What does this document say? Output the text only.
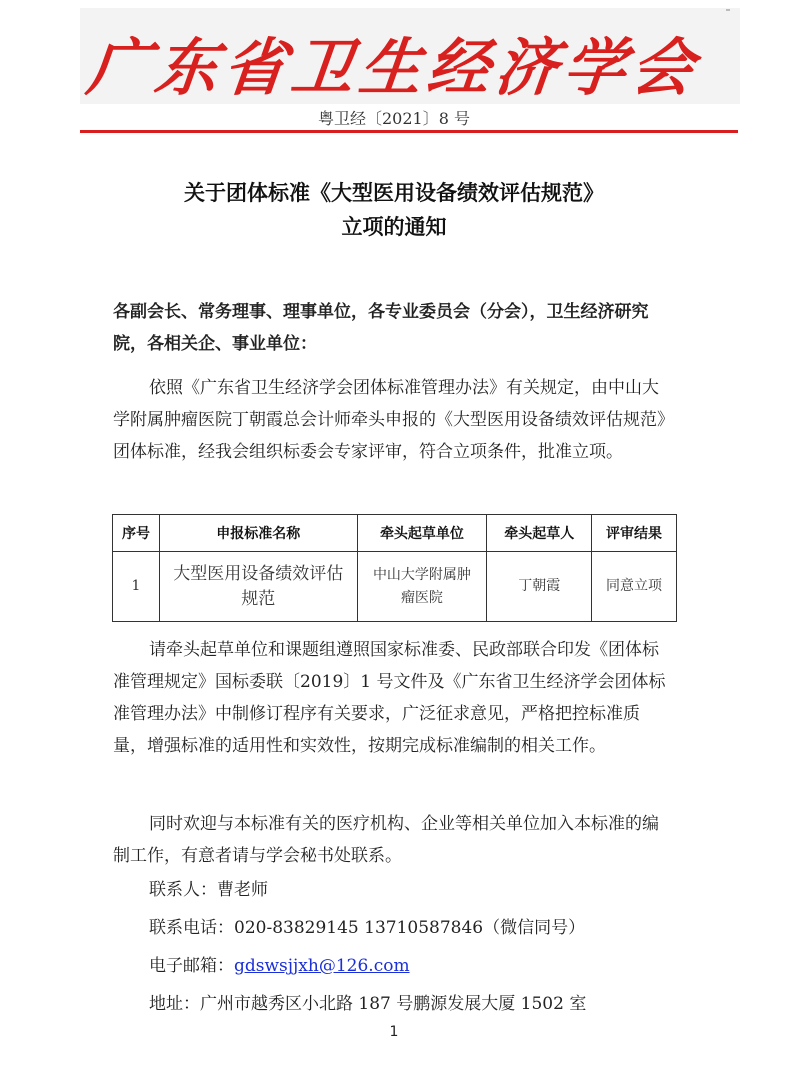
广东省卫生经济学会
粤卫经〔2021〕8 号
关于团体标准《大型医用设备绩效评估规范》
立项的通知
各副会长、常务理事、理事单位，各专业委员会（分会），卫生经济研究院，各相关企、事业单位：
依照《广东省卫生经济学会团体标准管理办法》有关规定，由中山大学附属肿瘤医院丁朝霞总会计师牵头申报的《大型医用设备绩效评估规范》团体标准，经我会组织标委会专家评审，符合立项条件，批准立项。
序号	申报标准名称	牵头起草单位	牵头起草人	评审结果
1	大型医用设备绩效评估规范	中山大学附属肿瘤医院	丁朝霞	同意立项
请牵头起草单位和课题组遵照国家标准委、民政部联合印发《团体标准管理规定》国标委联〔2019〕1 号文件及《广东省卫生经济学会团体标准管理办法》中制修订程序有关要求，广泛征求意见，严格把控标准质量，增强标准的适用性和实效性，按期完成标准编制的相关工作。
同时欢迎与本标准有关的医疗机构、企业等相关单位加入本标准的编制工作，有意者请与学会秘书处联系。
联系人：曹老师
联系电话：020-83829145 13710587846（微信同号）
电子邮箱：gdswsjjxh@126.com
地址：广州市越秀区小北路 187 号鹏源发展大厦 1502 室
1
